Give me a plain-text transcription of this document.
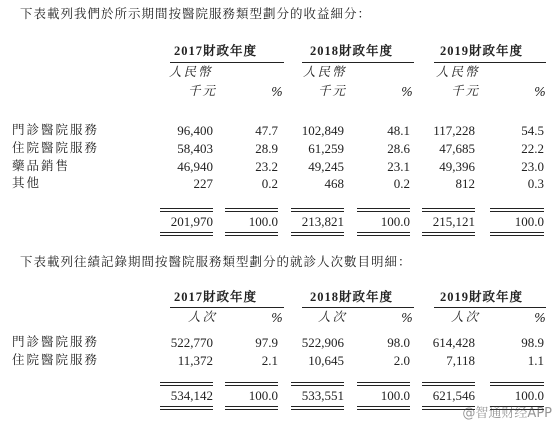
下表載列我們於所示期間按醫院服務類型劃分的收益細分：
2017財政年度	2018財政年度	2019財政年度
人民幣	人民幣	人民幣
千元	%	千元	%	千元	%
門診醫院服務	96,400	47.7 102,849	48.1 117,228	54.5
住院醫院服務	58,403	28.9 61,259	28.6 47,685	22.2
藥品銷售	46,940	23.2 49,245	23.1 49,396	23.0
其他	227	0.2	468	0.2	812	0.3
201,970	100.0 213,821	100.0 215,121	100.0
下表載列往績記錄期間按醫院服務類型劃分的就診人次數目明細：
2017財政年度	2018財政年度	2019財政年度
人次	%	人次	%	人次	%
門診醫院服務	522,770	97.9 522,906	98.0 614,428	98.9
住院醫院服務	11,372	2.1 10,645	2.0	7,118	1.1
534,142	100.0 533,551	100.0 621,546	100.0
@智通财经APP
